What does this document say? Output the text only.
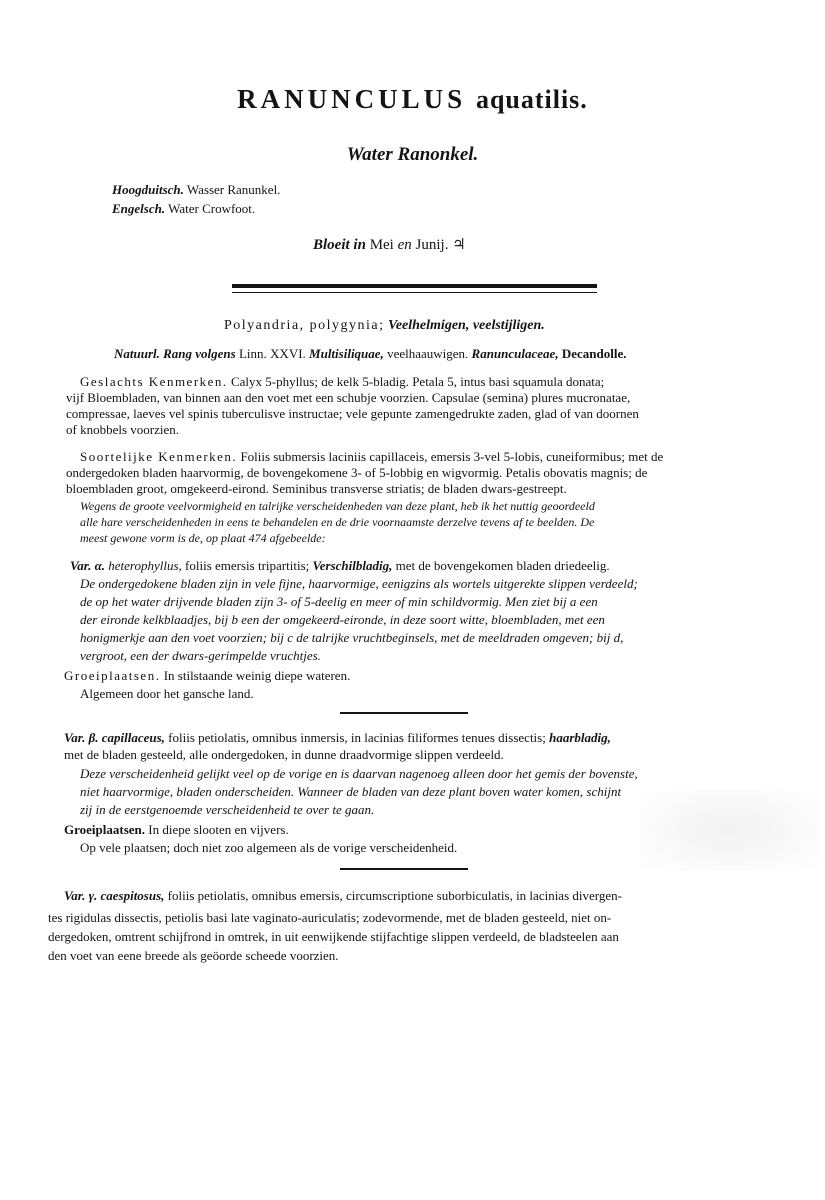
RANUNCULUS aquatilis.
Water Ranonkel.
Hoogduitsch. Wasser Ranunkel.
Engelsch. Water Crowfoot.
Bloeit in Mei en Junij. ♃
Polyandria, polygynia; Veelhelmigen, veelstijligen.
Natuurl. Rang volgens Linn. XXVI. Multisiliquae, veelhaauwigen. Ranunculaceae, Decandolle.
Geslachts Kenmerken. Calyx 5-phyllus; de kelk 5-bladig. Petala 5, intus basi squamula donata;
vijf Bloembladen, van binnen aan den voet met een schubje voorzien. Capsulae (semina) plures mucronatae,
compressae, laeves vel spinis tuberculisve instructae; vele gepunte zamengedrukte zaden, glad of van doornen
of knobbels voorzien.
Soortelijke Kenmerken. Foliis submersis laciniis capillaceis, emersis 3-vel 5-lobis, cuneiformibus; met de
ondergedoken bladen haarvormig, de bovengekomene 3- of 5-lobbig en wigvormig. Petalis obovatis magnis; de
bloembladen groot, omgekeerd-eirond. Seminibus transverse striatis; de bladen dwars-gestreept.
Wegens de groote veelvormigheid en talrijke verscheidenheden van deze plant, heb ik het nuttig geoordeeld
alle hare verscheidenheden in eens te behandelen en de drie voornaamste derzelve tevens af te beelden. De
meest gewone vorm is de, op plaat 474 afgebeelde:
Var. α. heterophyllus, foliis emersis tripartitis; Verschilbladig, met de bovengekomen bladen driedeelig.
De ondergedokene bladen zijn in vele fijne, haarvormige, eenigzins als wortels uitgerekte slippen verdeeld;
de op het water drijvende bladen zijn 3- of 5-deelig en meer of min schildvormig. Men ziet bij a een
der eironde kelkblaadjes, bij b een der omgekeerd-eironde, in deze soort witte, bloembladen, met een
honigmerkje aan den voet voorzien; bij c de talrijke vruchtbeginsels, met de meeldraden omgeven; bij d,
vergroot, een der dwars-gerimpelde vruchtjes.
Groeiplaatsen. In stilstaande weinig diepe wateren.
Algemeen door het gansche land.
Var. β. capillaceus, foliis petiolatis, omnibus inmersis, in lacinias filiformes tenues dissectis; haarbladig,
met de bladen gesteeld, alle ondergedoken, in dunne draadvormige slippen verdeeld.
Deze verscheidenheid gelijkt veel op de vorige en is daarvan nagenoeg alleen door het gemis der bovenste,
niet haarvormige, bladen onderscheiden. Wanneer de bladen van deze plant boven water komen, schijnt
zij in de eerstgenoemde verscheidenheid te over te gaan.
Groeiplaatsen. In diepe slooten en vijvers.
Op vele plaatsen; doch niet zoo algemeen als de vorige verscheidenheid.
Var. γ. caespitosus, foliis petiolatis, omnibus emersis, circumscriptione suborbiculatis, in lacinias divergen-
tes rigidulas dissectis, petiolis basi late vaginato-auriculatis; zodevormende, met de bladen gesteeld, niet on-
dergedoken, omtrent schijfrond in omtrek, in uit eenwijkende stijfachtige slippen verdeeld, de bladsteelen aan
den voet van eene breede als geöorde scheede voorzien.
